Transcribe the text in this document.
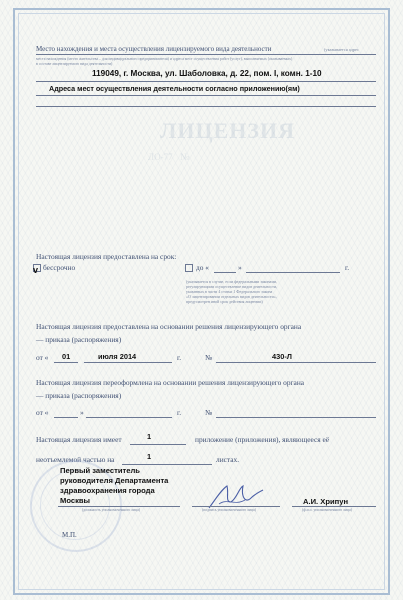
ЛИЦЕНЗИЯ
№
ЛО-77
Место нахождения и места осуществления лицензируемого вида деятельности	(указывается адрес
места нахождения (место жительства – для индивидуального предпринимателя) и адреса мест осуществления работ (услуг), выполняемых (оказываемых)
в составе лицензируемого вида деятельности)
119049, г. Москва, ул. Шаболовка, д. 22, пом. I, комн. 1-10
Адреса мест осуществления деятельности согласно приложению(ям)
Настоящая лицензия предоставлена на срок:
v бессрочно	до «	»	г.
(указывается в случае, если федеральными законами,
регулирующими осуществление видов деятельности,
указанных в части 4 статьи 1 Федерального закона
«О лицензировании отдельных видов деятельности»,
предусмотрен иной срок действия лицензии)
Настоящая лицензия предоставлена на основании решения лицензирующего органа
— приказа (распоряжения)
от « 01	июля 2014	г.	№	430-Л
Настоящая лицензия переоформлена на основании решения лицензирующего органа
— приказа (распоряжения)
от «	»	г.	№
Настоящая лицензия имеет	1	приложение (приложения), являющееся её
неотъемлемой частью на	1	листах.
Первый заместитель
руководителя Департамента
здравоохранения города
Москвы
(должность уполномоченного лица)	(подпись уполномоченного лица)
А.И. Хрипун
(ф.и.о. уполномоченного лица)
М.П.
